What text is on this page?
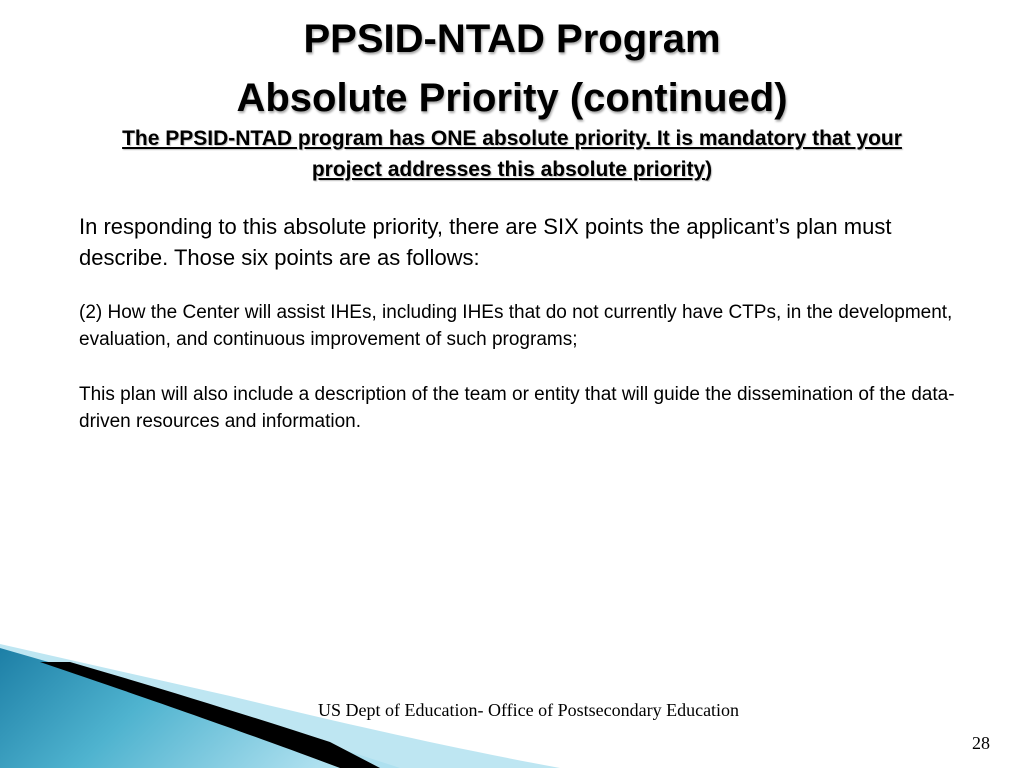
PPSID-NTAD Program
Absolute Priority (continued)
The PPSID-NTAD program has ONE absolute priority. It is mandatory that your
project addresses this absolute priority)
In responding to this absolute priority, there are SIX points the applicant’s plan must describe. Those six points are as follows:
(2) How the Center will assist IHEs, including IHEs that do not currently have CTPs, in the development, evaluation, and continuous improvement of such programs;
This plan will also include a description of the team or entity that will guide the dissemination of the data-driven resources and information.
US Dept of Education- Office of Postsecondary Education
28
